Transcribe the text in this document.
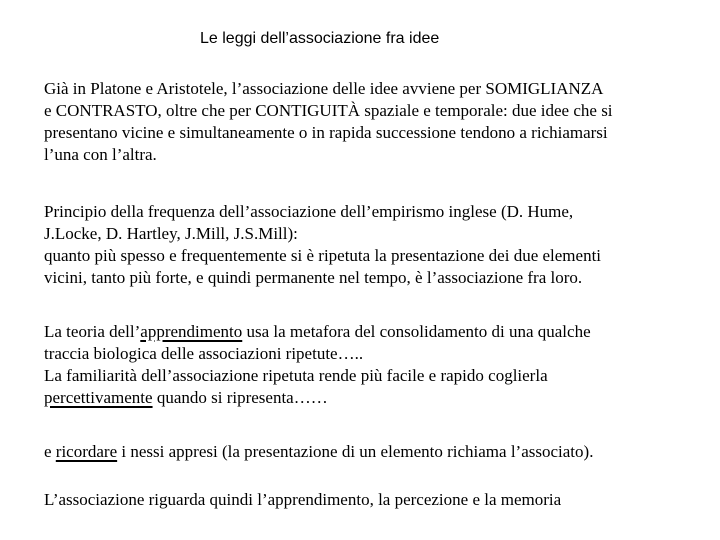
Le leggi dell’associazione fra idee

Già in Platone e Aristotele, l’associazione delle idee avviene per SOMIGLIANZA
e CONTRASTO, oltre che per CONTIGUITÀ spaziale e temporale: due idee che si
presentano vicine e simultaneamente o in rapida successione tendono a richiamarsi
l’una con l’altra.

Principio della frequenza dell’associazione dell’empirismo inglese (D. Hume,
J.Locke, D. Hartley, J.Mill, J.S.Mill):
quanto più spesso e frequentemente si è ripetuta la presentazione dei due elementi
vicini, tanto più forte, e quindi permanente nel tempo, è l’associazione fra loro.

La teoria dell’apprendimento usa la metafora del consolidamento di una qualche
traccia biologica delle associazioni ripetute…..
La familiarità dell’associazione ripetuta rende più facile e rapido coglierla
percettivamente quando si ripresenta……

e ricordare i nessi appresi (la presentazione di un elemento richiama l’associato).

L’associazione riguarda quindi l’apprendimento, la percezione e la memoria
